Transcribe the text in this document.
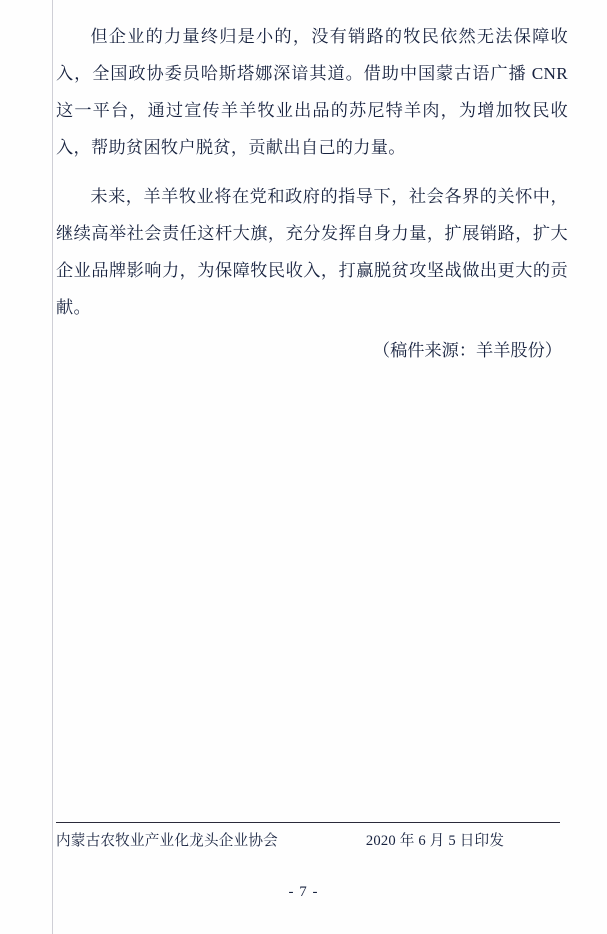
但企业的力量终归是小的，没有销路的牧民依然无法保障收入，全国政协委员哈斯塔娜深谙其道。借助中国蒙古语广播 CNR 这一平台，通过宣传羊羊牧业出品的苏尼特羊肉，为增加牧民收入，帮助贫困牧户脱贫，贡献出自己的力量。

未来，羊羊牧业将在党和政府的指导下，社会各界的关怀中，继续高举社会责任这杆大旗，充分发挥自身力量，扩展销路，扩大企业品牌影响力，为保障牧民收入，打赢脱贫攻坚战做出更大的贡献。

（稿件来源：羊羊股份）

内蒙古农牧业产业化龙头企业协会	2020 年 6 月 5 日印发
- 7 -
